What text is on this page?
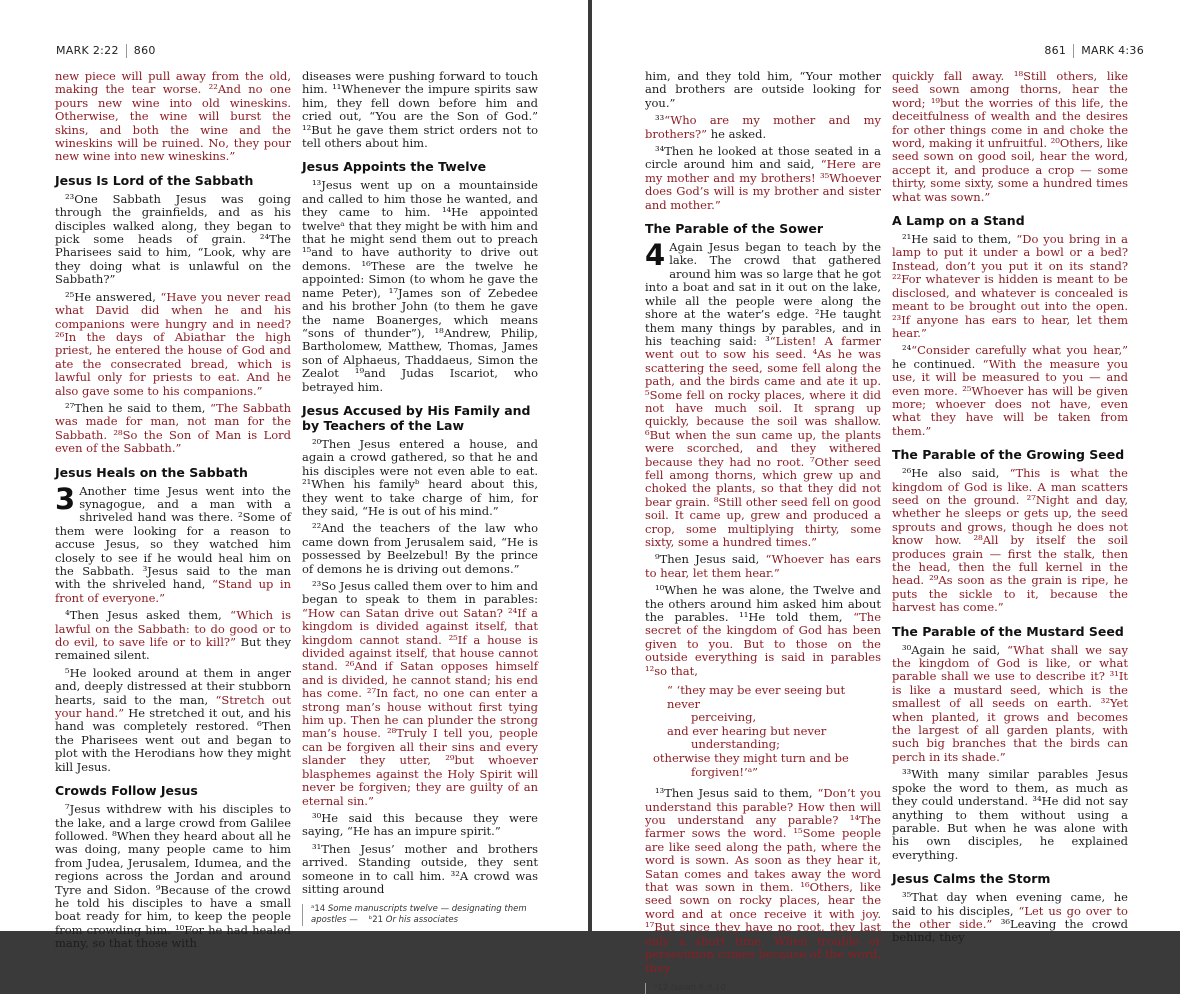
MARK 2:22 860

new piece will pull away from the old, making the tear worse. ²²And no one pours new wine into old wineskins. Otherwise, the wine will burst the skins, and both the wine and the wineskins will be ruined. No, they pour new wine into new wineskins.”

Jesus Is Lord of the Sabbath

²³One Sabbath Jesus was going through the grainfields, and as his disciples walked along, they began to pick some heads of grain. ²⁴The Pharisees said to him, “Look, why are they doing what is unlawful on the Sabbath?”

²⁵He answered, “Have you never read what David did when he and his companions were hungry and in need? ²⁶In the days of Abiathar the high priest, he entered the house of God and ate the consecrated bread, which is lawful only for priests to eat. And he also gave some to his companions.”

²⁷Then he said to them, “The Sabbath was made for man, not man for the Sabbath. ²⁸So the Son of Man is Lord even of the Sabbath.”

Jesus Heals on the Sabbath

3 Another time Jesus went into the synagogue, and a man with a shriveled hand was there. ²Some of them were looking for a reason to accuse Jesus, so they watched him closely to see if he would heal him on the Sabbath. ³Jesus said to the man with the shriveled hand, “Stand up in front of everyone.”

⁴Then Jesus asked them, “Which is lawful on the Sabbath: to do good or to do evil, to save life or to kill?” But they remained silent.

⁵He looked around at them in anger and, deeply distressed at their stubborn hearts, said to the man, “Stretch out your hand.” He stretched it out, and his hand was completely restored. ⁶Then the Pharisees went out and began to plot with the Herodians how they might kill Jesus.

Crowds Follow Jesus

⁷Jesus withdrew with his disciples to the lake, and a large crowd from Galilee followed. ⁸When they heard about all he was doing, many people came to him from Judea, Jerusalem, Idumea, and the regions across the Jordan and around Tyre and Sidon. ⁹Because of the crowd he told his disciples to have a small boat ready for him, to keep the people from crowding him. ¹⁰For he had healed many, so that those with

diseases were pushing forward to touch him. ¹¹Whenever the impure spirits saw him, they fell down before him and cried out, “You are the Son of God.” ¹²But he gave them strict orders not to tell others about him.

Jesus Appoints the Twelve

¹³Jesus went up on a mountainside and called to him those he wanted, and they came to him. ¹⁴He appointed twelveᵃ that they might be with him and that he might send them out to preach ¹⁵and to have authority to drive out demons. ¹⁶These are the twelve he appointed: Simon (to whom he gave the name Peter), ¹⁷James son of Zebedee and his brother John (to them he gave the name Boanerges, which means “sons of thunder”), ¹⁸Andrew, Philip, Bartholomew, Matthew, Thomas, James son of Alphaeus, Thaddaeus, Simon the Zealot ¹⁹and Judas Iscariot, who betrayed him.

Jesus Accused by His Family and by Teachers of the Law

²⁰Then Jesus entered a house, and again a crowd gathered, so that he and his disciples were not even able to eat. ²¹When his familyᵇ heard about this, they went to take charge of him, for they said, “He is out of his mind.”

²²And the teachers of the law who came down from Jerusalem said, “He is possessed by Beelzebul! By the prince of demons he is driving out demons.”

²³So Jesus called them over to him and began to speak to them in parables: “How can Satan drive out Satan? ²⁴If a kingdom is divided against itself, that kingdom cannot stand. ²⁵If a house is divided against itself, that house cannot stand. ²⁶And if Satan opposes himself and is divided, he cannot stand; his end has come. ²⁷In fact, no one can enter a strong man’s house without first tying him up. Then he can plunder the strong man’s house. ²⁸Truly I tell you, people can be forgiven all their sins and every slander they utter, ²⁹but whoever blasphemes against the Holy Spirit will never be forgiven; they are guilty of an eternal sin.”

³⁰He said this because they were saying, “He has an impure spirit.”

³¹Then Jesus’ mother and brothers arrived. Standing outside, they sent someone in to call him. ³²A crowd was sitting around

ᵃ14 Some manuscripts twelve — designating them apostles — ᵇ21 Or his associates
861 MARK 4:36

him, and they told him, “Your mother and brothers are outside looking for you.”

³³“Who are my mother and my brothers?” he asked.

³⁴Then he looked at those seated in a circle around him and said, “Here are my mother and my brothers! ³⁵Whoever does God’s will is my brother and sister and mother.”

The Parable of the Sower

4 Again Jesus began to teach by the lake. The crowd that gathered around him was so large that he got into a boat and sat in it out on the lake, while all the people were along the shore at the water’s edge. ²He taught them many things by parables, and in his teaching said: ³“Listen! A farmer went out to sow his seed. ⁴As he was scattering the seed, some fell along the path, and the birds came and ate it up. ⁵Some fell on rocky places, where it did not have much soil. It sprang up quickly, because the soil was shallow. ⁶But when the sun came up, the plants were scorched, and they withered because they had no root. ⁷Other seed fell among thorns, which grew up and choked the plants, so that they did not bear grain. ⁸Still other seed fell on good soil. It came up, grew and produced a crop, some multiplying thirty, some sixty, some a hundred times.”

⁹Then Jesus said, “Whoever has ears to hear, let them hear.”

¹⁰When he was alone, the Twelve and the others around him asked him about the parables. ¹¹He told them, “The secret of the kingdom of God has been given to you. But to those on the outside everything is said in parables ¹²so that,

“ ‘they may be ever seeing but never
perceiving,
and ever hearing but never
understanding;
otherwise they might turn and be
forgiven!’ᵃ”

¹³Then Jesus said to them, “Don’t you understand this parable? How then will you understand any parable? ¹⁴The farmer sows the word. ¹⁵Some people are like seed along the path, where the word is sown. As soon as they hear it, Satan comes and takes away the word that was sown in them. ¹⁶Others, like seed sown on rocky places, hear the word and at once receive it with joy. ¹⁷But since they have no root, they last only a short time. When trouble or persecution comes because of the word, they

ᵃ12 Isaiah 6:9,10

quickly fall away. ¹⁸Still others, like seed sown among thorns, hear the word; ¹⁹but the worries of this life, the deceitfulness of wealth and the desires for other things come in and choke the word, making it unfruitful. ²⁰Others, like seed sown on good soil, hear the word, accept it, and produce a crop — some thirty, some sixty, some a hundred times what was sown.”

A Lamp on a Stand

²¹He said to them, “Do you bring in a lamp to put it under a bowl or a bed? Instead, don’t you put it on its stand? ²²For whatever is hidden is meant to be disclosed, and whatever is concealed is meant to be brought out into the open. ²³If anyone has ears to hear, let them hear.”

²⁴“Consider carefully what you hear,” he continued. “With the measure you use, it will be measured to you — and even more. ²⁵Whoever has will be given more; whoever does not have, even what they have will be taken from them.”

The Parable of the Growing Seed

²⁶He also said, “This is what the kingdom of God is like. A man scatters seed on the ground. ²⁷Night and day, whether he sleeps or gets up, the seed sprouts and grows, though he does not know how. ²⁸All by itself the soil produces grain — first the stalk, then the head, then the full kernel in the head. ²⁹As soon as the grain is ripe, he puts the sickle to it, because the harvest has come.”

The Parable of the Mustard Seed

³⁰Again he said, “What shall we say the kingdom of God is like, or what parable shall we use to describe it? ³¹It is like a mustard seed, which is the smallest of all seeds on earth. ³²Yet when planted, it grows and becomes the largest of all garden plants, with such big branches that the birds can perch in its shade.”

³³With many similar parables Jesus spoke the word to them, as much as they could understand. ³⁴He did not say anything to them without using a parable. But when he was alone with his own disciples, he explained everything.

Jesus Calms the Storm

³⁵That day when evening came, he said to his disciples, “Let us go over to the other side.” ³⁶Leaving the crowd behind, they
